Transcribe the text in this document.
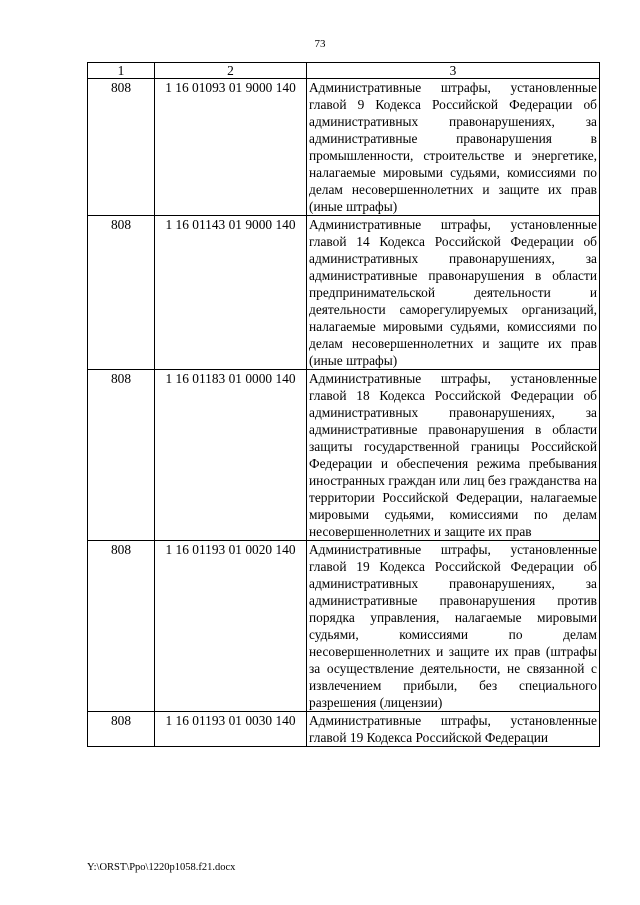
73
1	2	3
808	1 16 01093 01 9000 140	Административные штрафы, установленные главой 9 Кодекса Российской Федерации об административных правонарушениях, за административные правонарушения в промышленности, строительстве и энергетике, налагаемые мировыми судьями, комиссиями по делам несовершеннолетних и защите их прав (иные штрафы)
808	1 16 01143 01 9000 140	Административные штрафы, установленные главой 14 Кодекса Российской Федерации об административных правонарушениях, за административные правонарушения в области предпринимательской деятельности и деятельности саморегулируемых организаций, налагаемые мировыми судьями, комиссиями по делам несовершеннолетних и защите их прав (иные штрафы)
808	1 16 01183 01 0000 140	Административные штрафы, установленные главой 18 Кодекса Российской Федерации об административных правонарушениях, за административные правонарушения в области защиты государственной границы Российской Федерации и обеспечения режима пребывания иностранных граждан или лиц без гражданства на территории Российской Федерации, налагаемые мировыми судьями, комиссиями по делам несовершеннолетних и защите их прав
808	1 16 01193 01 0020 140	Административные штрафы, установленные главой 19 Кодекса Российской Федерации об административных правонарушениях, за административные правонарушения против порядка управления, налагаемые мировыми судьями, комиссиями по делам несовершеннолетних и защите их прав (штрафы за осуществление деятельности, не связанной с извлечением прибыли, без специального разрешения (лицензии)
808	1 16 01193 01 0030 140	Административные штрафы, установленные главой 19 Кодекса Российской Федерации
Y:\ORST\Ppo\1220p1058.f21.docx
